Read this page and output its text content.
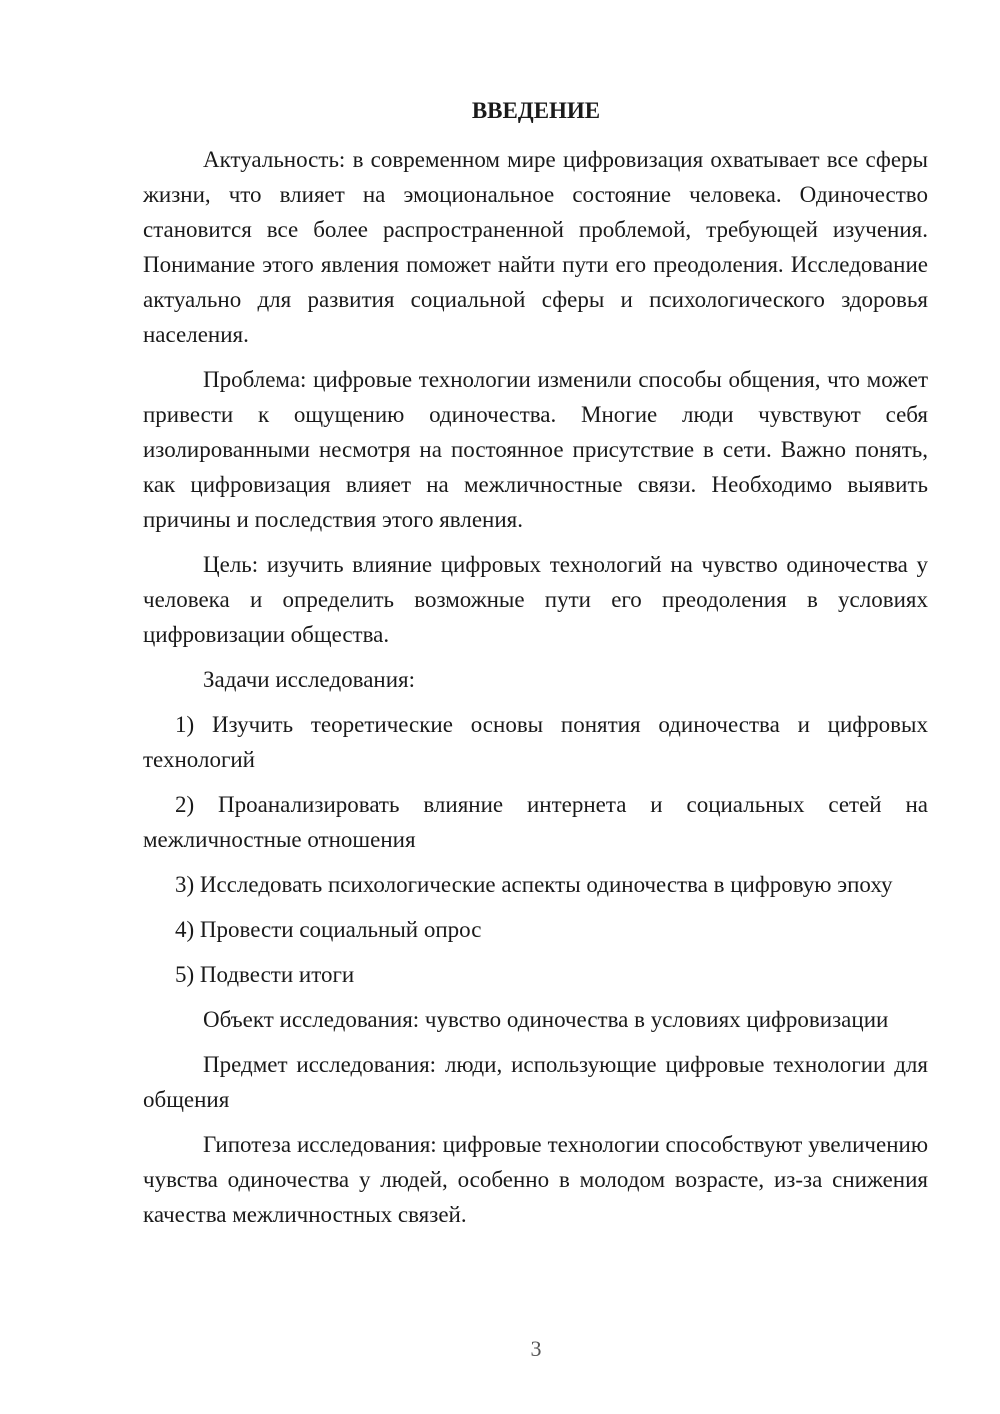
ВВЕДЕНИЕ

Актуальность: в современном мире цифровизация охватывает все сферы жизни, что влияет на эмоциональное состояние человека. Одиночество становится все более распространенной проблемой, требующей изучения. Понимание этого явления поможет найти пути его преодоления. Исследование актуально для развития социальной сферы и психологического здоровья населения.

Проблема: цифровые технологии изменили способы общения, что может привести к ощущению одиночества. Многие люди чувствуют себя изолированными несмотря на постоянное присутствие в сети. Важно понять, как цифровизация влияет на межличностные связи. Необходимо выявить причины и последствия этого явления.

Цель: изучить влияние цифровых технологий на чувство одиночества у человека и определить возможные пути его преодоления в условиях цифровизации общества.

Задачи исследования:

1) Изучить теоретические основы понятия одиночества и цифровых технологий

2) Проанализировать влияние интернета и социальных сетей на межличностные отношения

3) Исследовать психологические аспекты одиночества в цифровую эпоху

4) Провести социальный опрос

5) Подвести итоги

Объект исследования: чувство одиночества в условиях цифровизации

Предмет исследования: люди, использующие цифровые технологии для общения

Гипотеза исследования: цифровые технологии способствуют увеличению чувства одиночества у людей, особенно в молодом возрасте, из-за снижения качества межличностных связей.

3
